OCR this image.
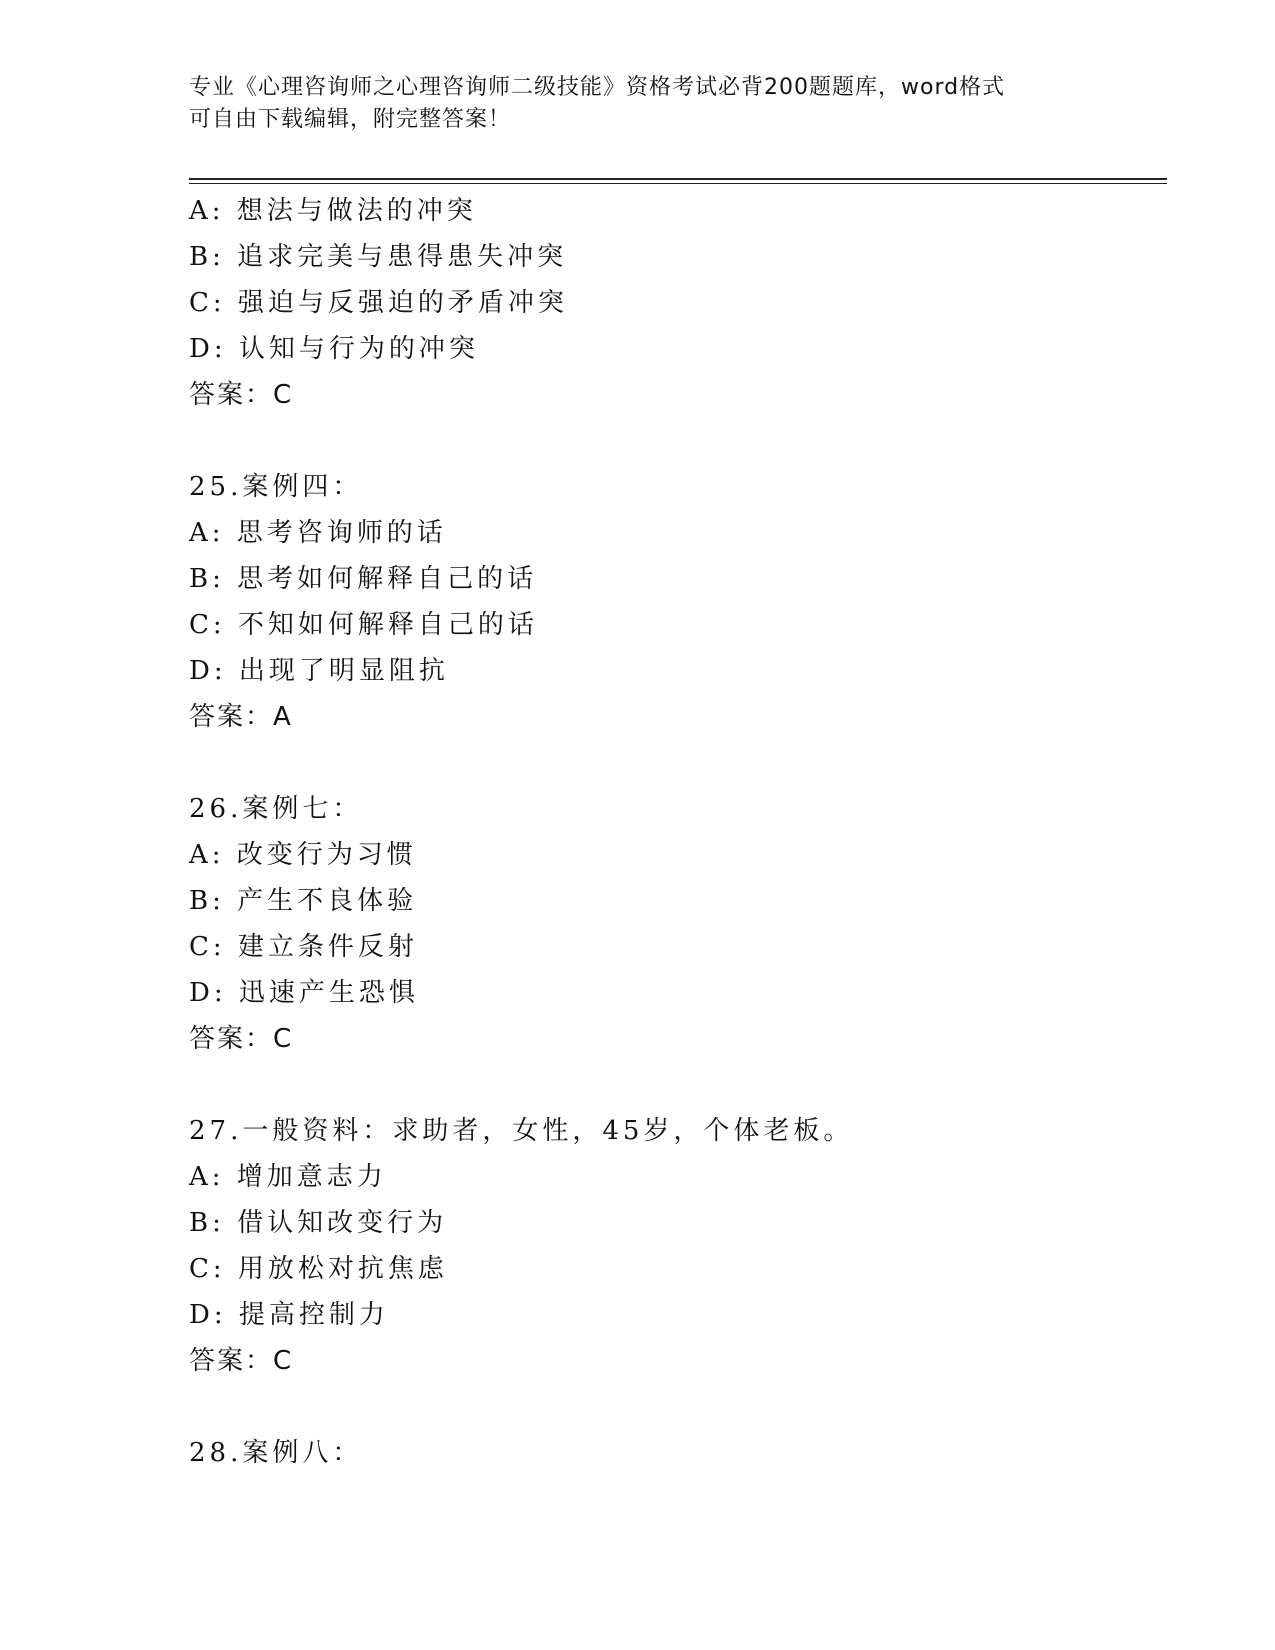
专业《心理咨询师之心理咨询师二级技能》资格考试必背200题题库，word格式
可自由下载编辑，附完整答案！
A: 想法与做法的冲突
B: 追求完美与患得患失冲突
C: 强迫与反强迫的矛盾冲突
D: 认知与行为的冲突
答案：C
25.案例四：
A: 思考咨询师的话
B: 思考如何解释自己的话
C: 不知如何解释自己的话
D: 出现了明显阻抗
答案：A
26.案例七：
A: 改变行为习惯
B: 产生不良体验
C: 建立条件反射
D: 迅速产生恐惧
答案：C
27.一般资料：求助者，女性，45岁，个体老板。
A: 增加意志力
B: 借认知改变行为
C: 用放松对抗焦虑
D: 提高控制力
答案：C
28.案例八：
